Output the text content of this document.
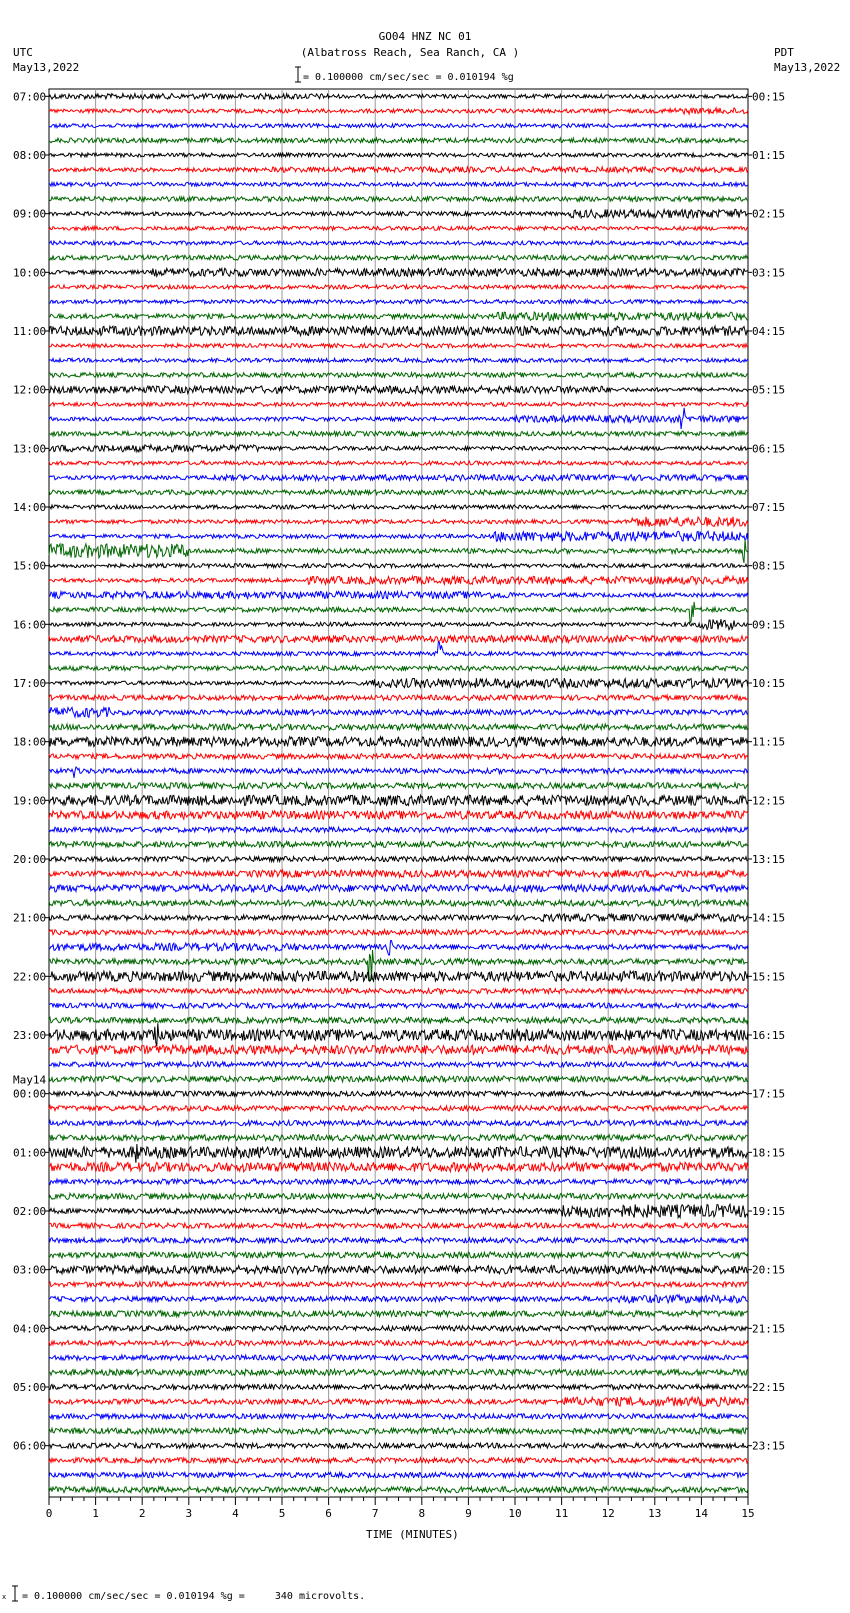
07:00
08:00
09:00
10:00
11:00
12:00
13:00
14:00
15:00
16:00
17:00
18:00
19:00
20:00
21:00
22:00
23:00
00:00
01:00
02:00
03:00
04:00
05:00
06:00
00:15
01:15
02:15
03:15
04:15
05:15
06:15
07:15
08:15
09:15
10:15
11:15
12:15
13:15
14:15
15:15
16:15
17:15
18:15
19:15
20:15
21:15
22:15
23:15
May14
0	1	2	3	4	5	6	7	8	9	10	11	12	13	14	15
GO04 HNZ NC 01
(Albatross Reach, Sea Ranch, CA )
UTC
May13,2022
PDT
May13,2022
= 0.100000 cm/sec/sec = 0.010194 %g
TIME (MINUTES)
x = 0.100000 cm/sec/sec = 0.010194 %g =     340 microvolts.
